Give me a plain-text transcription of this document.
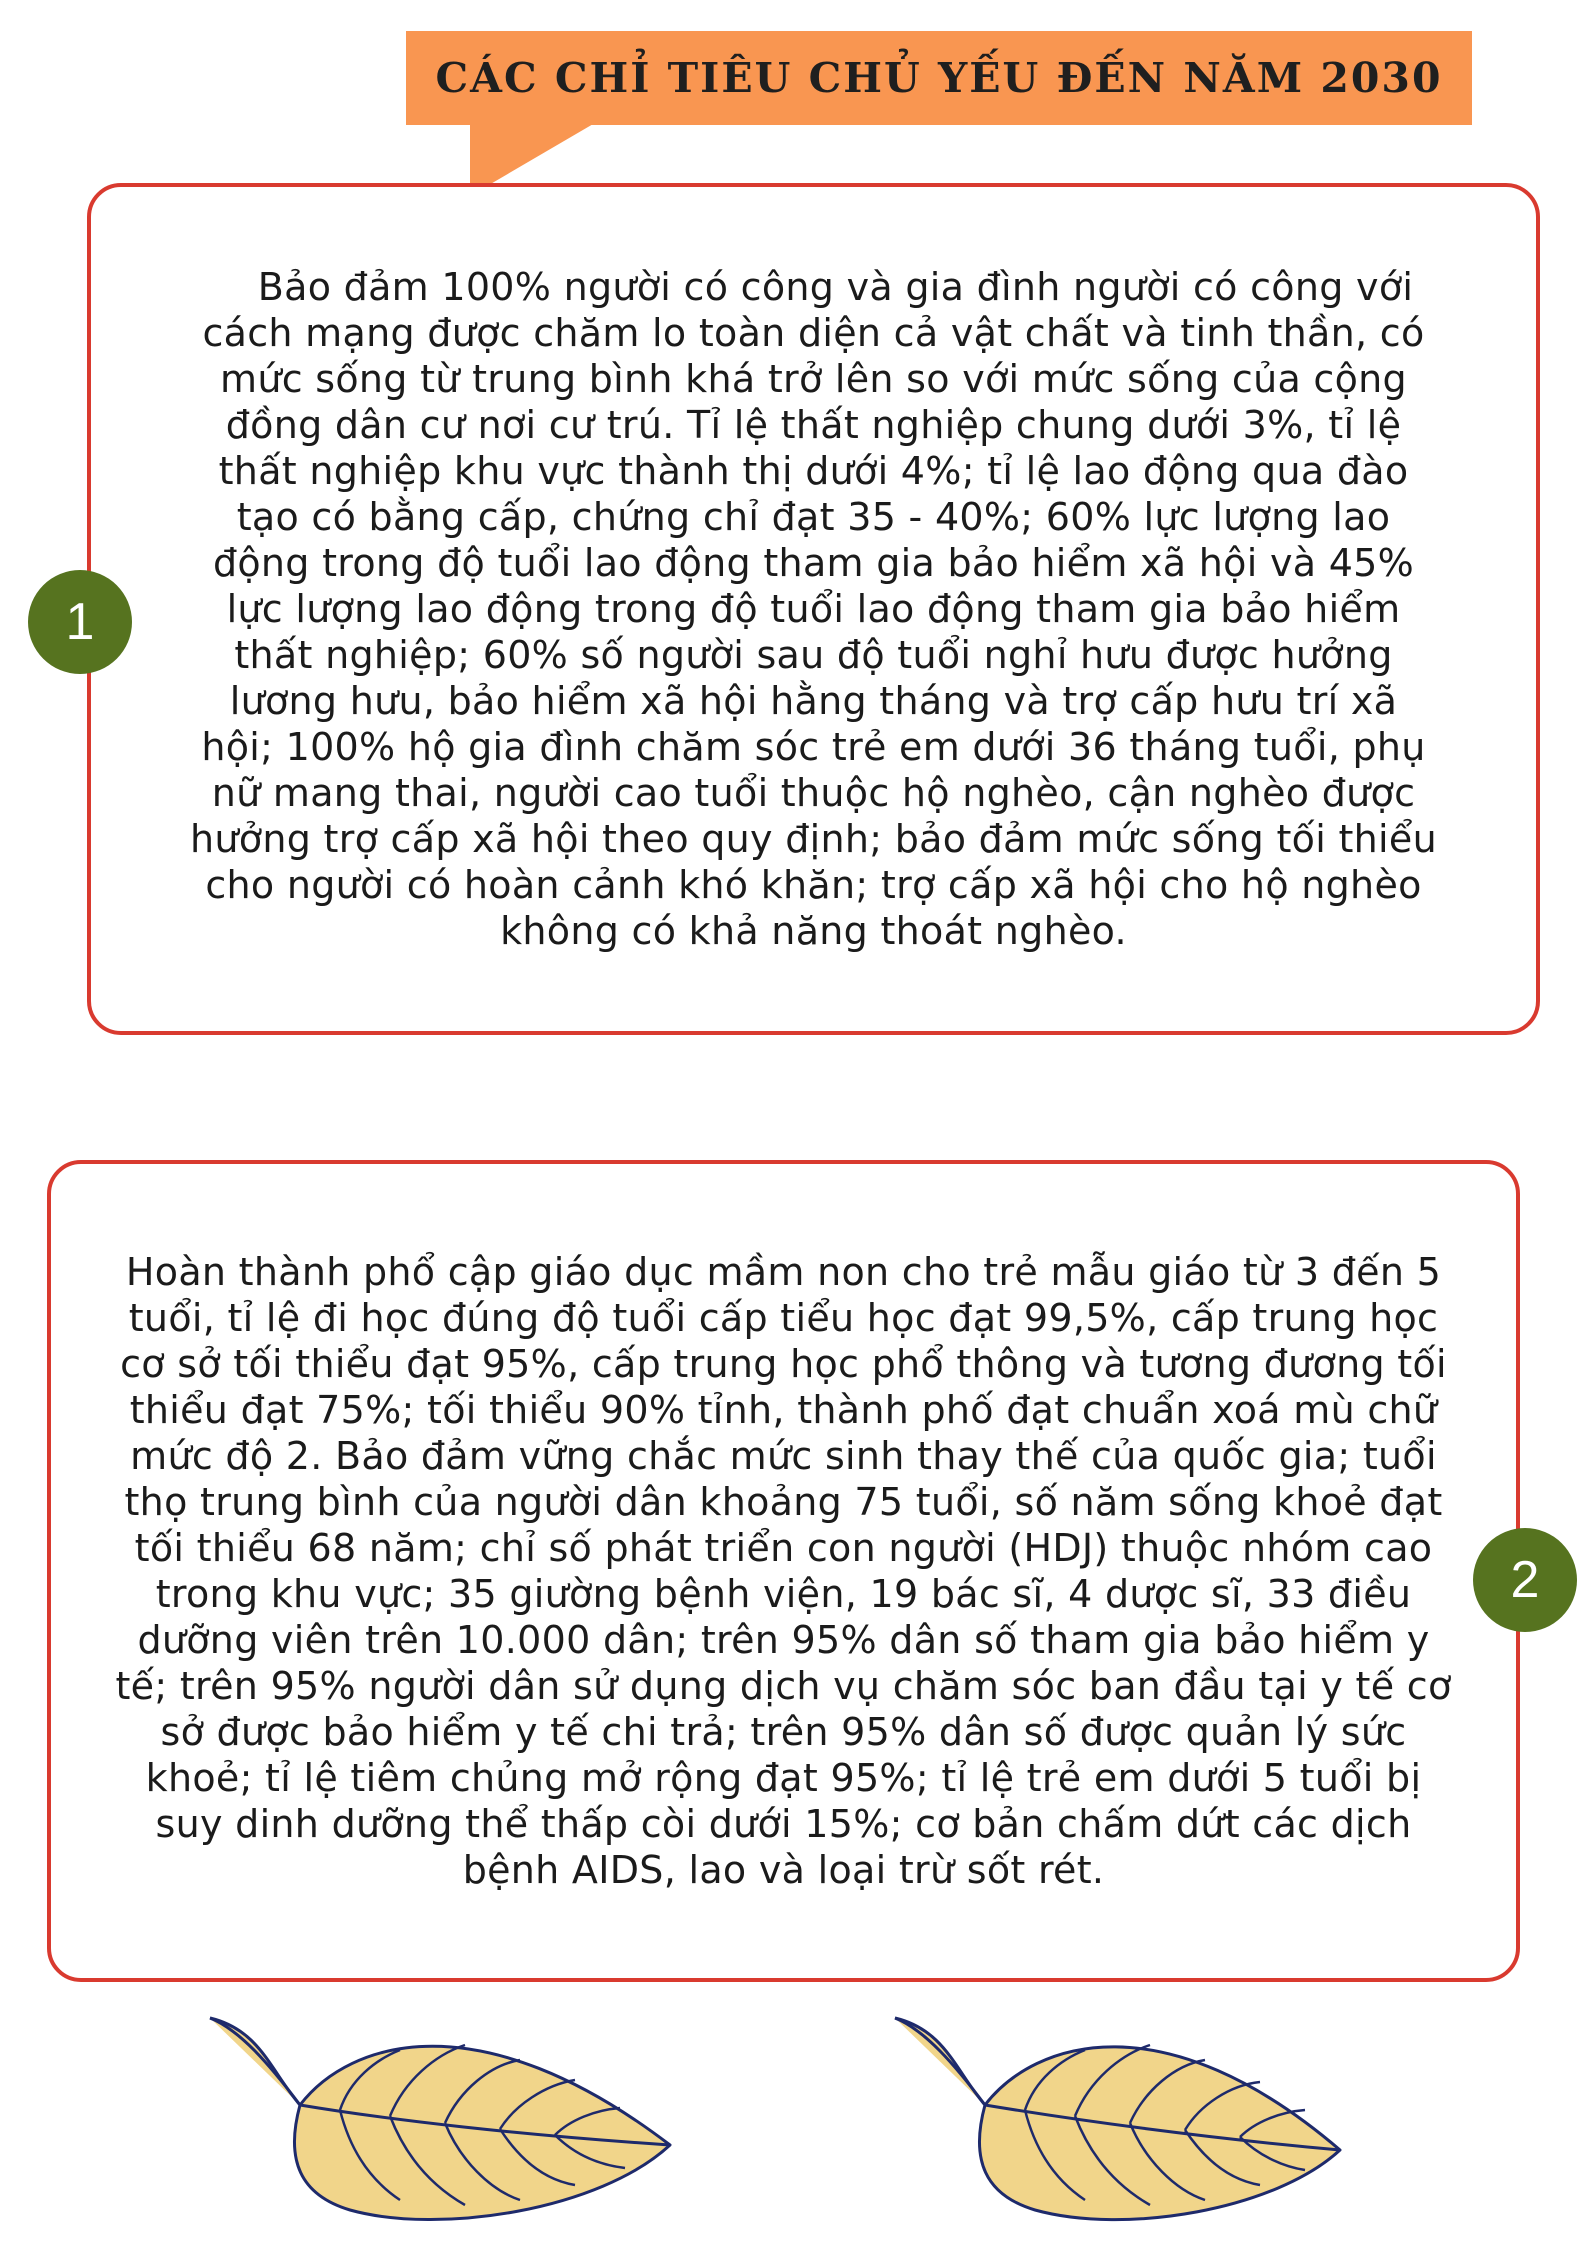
CÁC CHỈ TIÊU CHỦ YẾU ĐẾN NĂM 2030
Bảo đảm 100% người có công và gia đình người có công với cách mạng được chăm lo toàn diện cả vật chất và tinh thần, có mức sống từ trung bình khá trở lên so với mức sống của cộng đồng dân cư nơi cư trú. Tỉ lệ thất nghiệp chung dưới 3%, tỉ lệ thất nghiệp khu vực thành thị dưới 4%; tỉ lệ lao động qua đào tạo có bằng cấp, chứng chỉ đạt 35 - 40%; 60% lực lượng lao động trong độ tuổi lao động tham gia bảo hiểm xã hội và 45% lực lượng lao động trong độ tuổi lao động tham gia bảo hiểm thất nghiệp; 60% số người sau độ tuổi nghỉ hưu được hưởng lương hưu, bảo hiểm xã hội hằng tháng và trợ cấp hưu trí xã hội; 100% hộ gia đình chăm sóc trẻ em dưới 36 tháng tuổi, phụ nữ mang thai, người cao tuổi thuộc hộ nghèo, cận nghèo được hưởng trợ cấp xã hội theo quy định; bảo đảm mức sống tối thiểu cho người có hoàn cảnh khó khăn; trợ cấp xã hội cho hộ nghèo không có khả năng thoát nghèo.
1
Hoàn thành phổ cập giáo dục mầm non cho trẻ mẫu giáo từ 3 đến 5 tuổi, tỉ lệ đi học đúng độ tuổi cấp tiểu học đạt 99,5%, cấp trung học cơ sở tối thiểu đạt 95%, cấp trung học phổ thông và tương đương tối thiểu đạt 75%; tối thiểu 90% tỉnh, thành phố đạt chuẩn xoá mù chữ mức độ 2. Bảo đảm vững chắc mức sinh thay thế của quốc gia; tuổi thọ trung bình của người dân khoảng 75 tuổi, số năm sống khoẻ đạt tối thiểu 68 năm; chỉ số phát triển con người (HDJ) thuộc nhóm cao trong khu vực; 35 giường bệnh viện, 19 bác sĩ, 4 dược sĩ, 33 điều dưỡng viên trên 10.000 dân; trên 95% dân số tham gia bảo hiểm y tế; trên 95% người dân sử dụng dịch vụ chăm sóc ban đầu tại y tế cơ sở được bảo hiểm y tế chi trả; trên 95% dân số được quản lý sức khoẻ; tỉ lệ tiêm chủng mở rộng đạt 95%; tỉ lệ trẻ em dưới 5 tuổi bị suy dinh dưỡng thể thấp còi dưới 15%; cơ bản chấm dứt các dịch bệnh AIDS, lao và loại trừ sốt rét.
2
